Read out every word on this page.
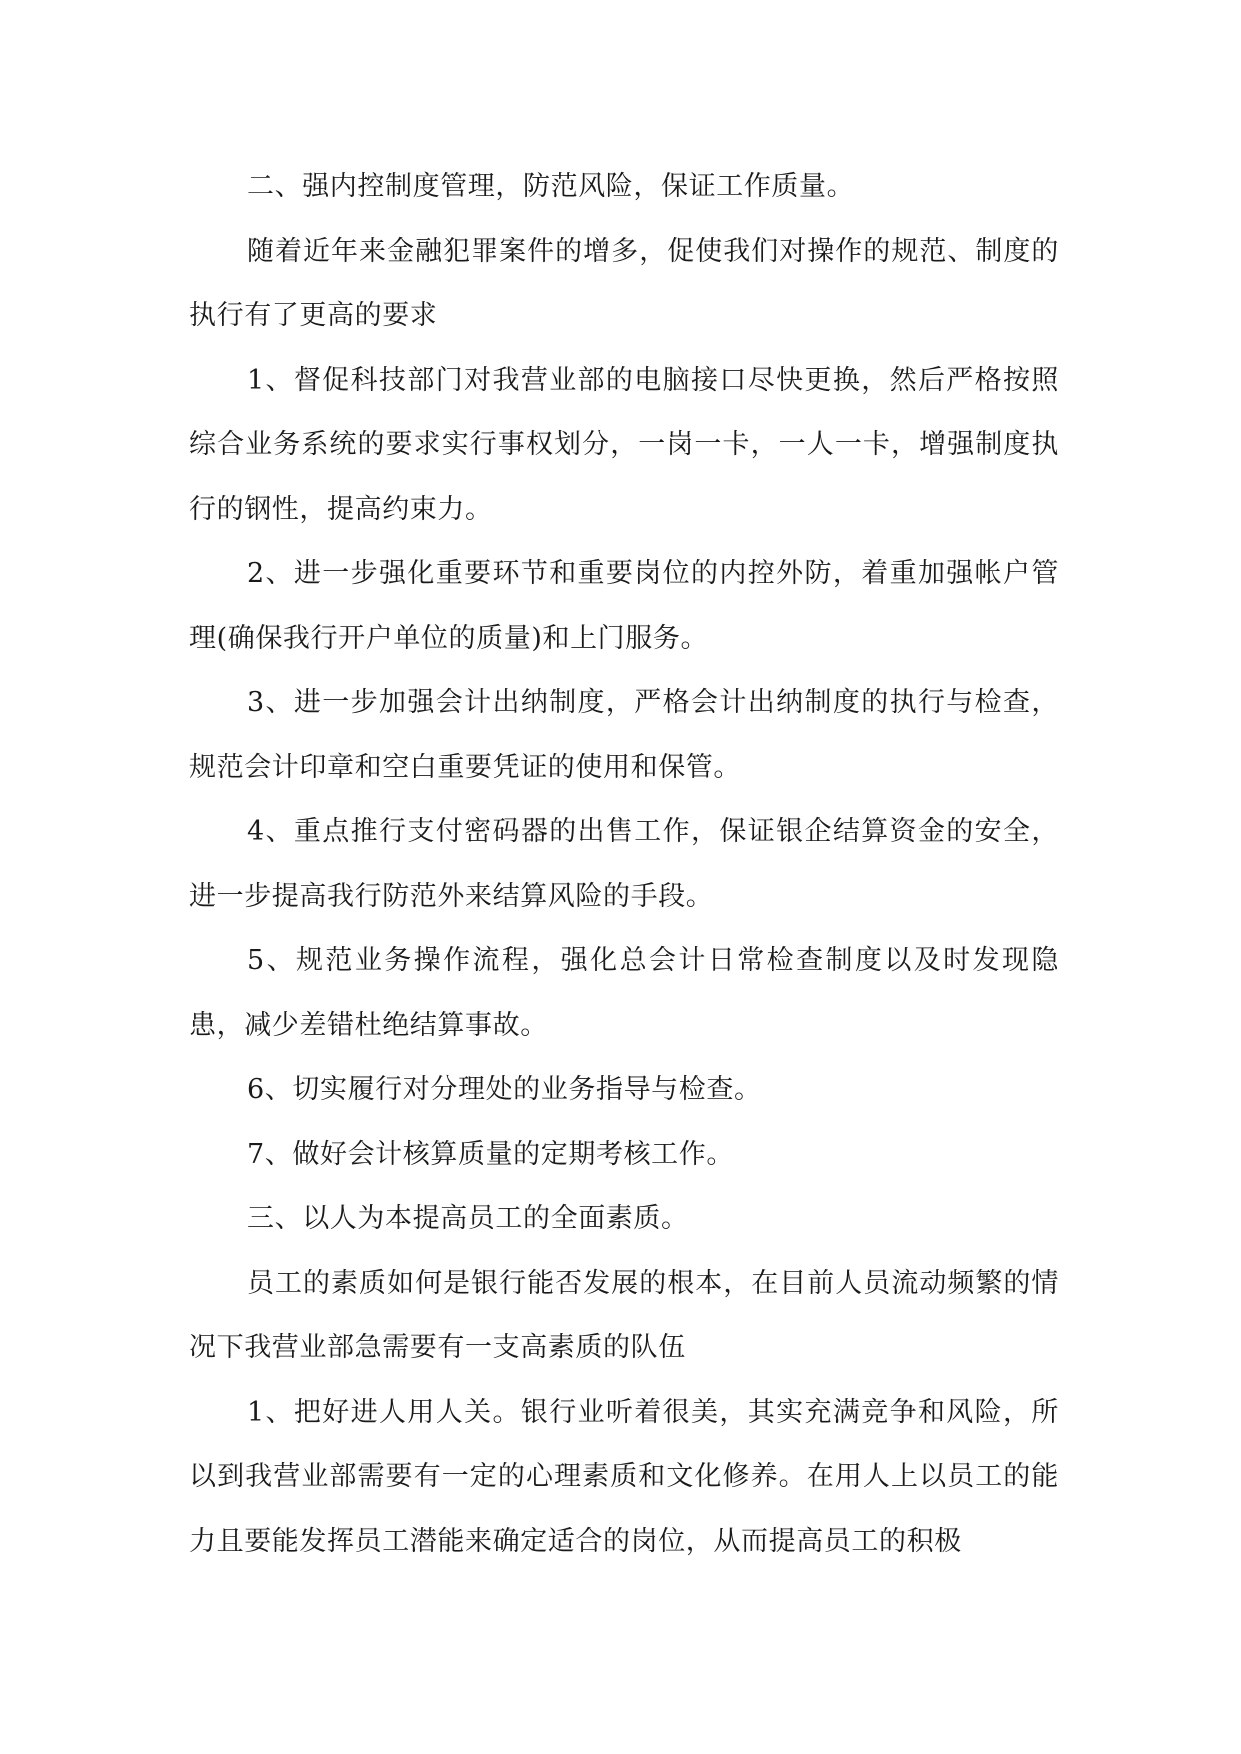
二、强内控制度管理，防范风险，保证工作质量。

随着近年来金融犯罪案件的增多，促使我们对操作的规范、制度的执行有了更高的要求

1、督促科技部门对我营业部的电脑接口尽快更换，然后严格按照综合业务系统的要求实行事权划分，一岗一卡，一人一卡，增强制度执行的钢性，提高约束力。

2、进一步强化重要环节和重要岗位的内控外防，着重加强帐户管理(确保我行开户单位的质量)和上门服务。

3、进一步加强会计出纳制度，严格会计出纳制度的执行与检查，规范会计印章和空白重要凭证的使用和保管。

4、重点推行支付密码器的出售工作，保证银企结算资金的安全，进一步提高我行防范外来结算风险的手段。

5、规范业务操作流程，强化总会计日常检查制度以及时发现隐患，减少差错杜绝结算事故。

6、切实履行对分理处的业务指导与检查。

7、做好会计核算质量的定期考核工作。

三、以人为本提高员工的全面素质。

员工的素质如何是银行能否发展的根本，在目前人员流动频繁的情况下我营业部急需要有一支高素质的队伍

1、把好进人用人关。银行业听着很美，其实充满竞争和风险，所以到我营业部需要有一定的心理素质和文化修养。在用人上以员工的能力且要能发挥员工潜能来确定适合的岗位，从而提高员工的积极
